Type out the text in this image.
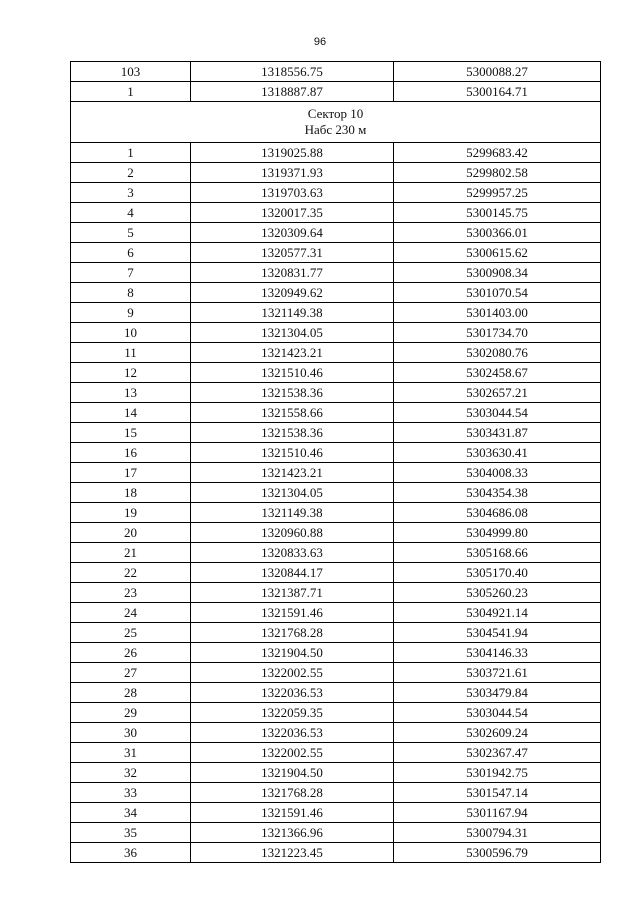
96
103	1318556.75	5300088.27
1	1318887.87	5300164.71

Сектор 10
Набс 230 м		

1	1319025.88	5299683.42
2	1319371.93	5299802.58
3	1319703.63	5299957.25
4	1320017.35	5300145.75
5	1320309.64	5300366.01
6	1320577.31	5300615.62
7	1320831.77	5300908.34
8	1320949.62	5301070.54
9	1321149.38	5301403.00
10	1321304.05	5301734.70
11	1321423.21	5302080.76
12	1321510.46	5302458.67
13	1321538.36	5302657.21
14	1321558.66	5303044.54
15	1321538.36	5303431.87
16	1321510.46	5303630.41
17	1321423.21	5304008.33
18	1321304.05	5304354.38
19	1321149.38	5304686.08
20	1320960.88	5304999.80
21	1320833.63	5305168.66
22	1320844.17	5305170.40
23	1321387.71	5305260.23
24	1321591.46	5304921.14
25	1321768.28	5304541.94
26	1321904.50	5304146.33
27	1322002.55	5303721.61
28	1322036.53	5303479.84
29	1322059.35	5303044.54
30	1322036.53	5302609.24
31	1322002.55	5302367.47
32	1321904.50	5301942.75
33	1321768.28	5301547.14
34	1321591.46	5301167.94
35	1321366.96	5300794.31
36	1321223.45	5300596.79
